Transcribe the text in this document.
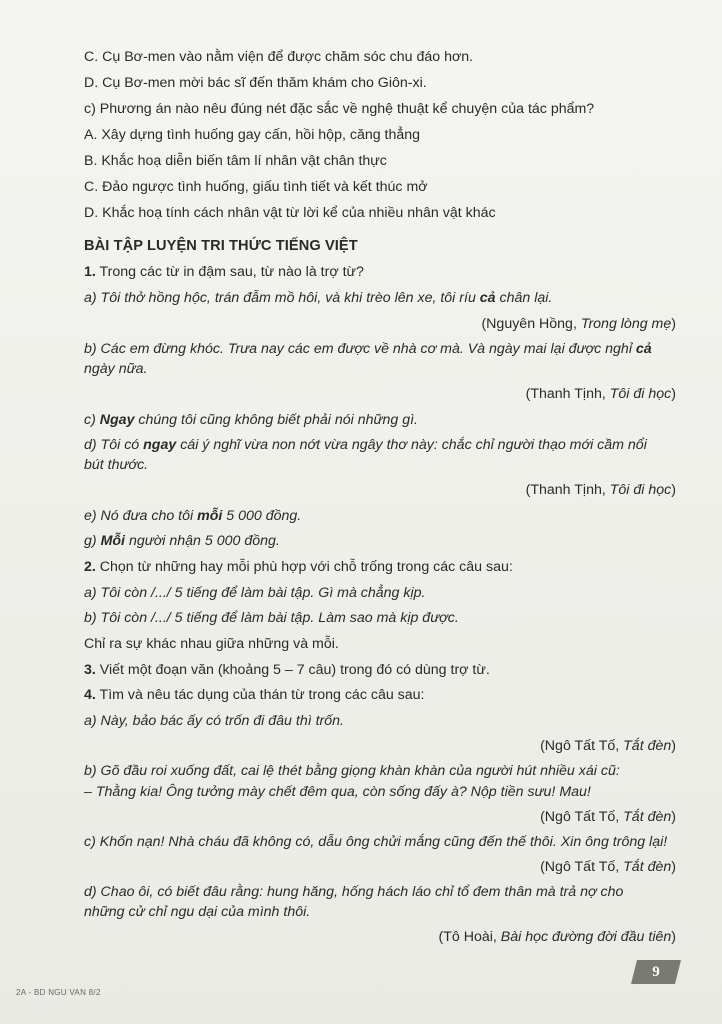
C. Cụ Bơ-men vào nằm viện để được chăm sóc chu đáo hơn.
D. Cụ Bơ-men mời bác sĩ đến thăm khám cho Giôn-xi.
c) Phương án nào nêu đúng nét đặc sắc về nghệ thuật kể chuyện của tác phẩm?
A. Xây dựng tình huống gay cấn, hồi hộp, căng thẳng
B. Khắc hoạ diễn biến tâm lí nhân vật chân thực
C. Đảo ngược tình huống, giấu tình tiết và kết thúc mở
D. Khắc hoạ tính cách nhân vật từ lời kể của nhiều nhân vật khác
BÀI TẬP LUYỆN TRI THỨC TIẾNG VIỆT
1. Trong các từ in đậm sau, từ nào là trợ từ?
a) Tôi thở hồng hộc, trán đẫm mồ hôi, và khi trèo lên xe, tôi ríu cả chân lại.
(Nguyên Hồng, Trong lòng mẹ)
b) Các em đừng khóc. Trưa nay các em được về nhà cơ mà. Và ngày mai lại được nghỉ cả
ngày nữa.
(Thanh Tịnh, Tôi đi học)
c) Ngay chúng tôi cũng không biết phải nói những gì.
d) Tôi có ngay cái ý nghĩ vừa non nớt vừa ngây thơ này: chắc chỉ người thạo mới cầm nổi
bút thước.
(Thanh Tịnh, Tôi đi học)
e) Nó đưa cho tôi mỗi 5 000 đồng.
g) Mỗi người nhận 5 000 đồng.
2. Chọn từ những hay mỗi phù hợp với chỗ trống trong các câu sau:
a) Tôi còn /.../ 5 tiếng để làm bài tập. Gì mà chẳng kịp.
b) Tôi còn /.../ 5 tiếng để làm bài tập. Làm sao mà kịp được.
Chỉ ra sự khác nhau giữa những và mỗi.
3. Viết một đoạn văn (khoảng 5 – 7 câu) trong đó có dùng trợ từ.
4. Tìm và nêu tác dụng của thán từ trong các câu sau:
a) Này, bảo bác ấy có trốn đi đâu thì trốn.
(Ngô Tất Tố, Tắt đèn)
b) Gõ đầu roi xuống đất, cai lệ thét bằng giọng khàn khàn của người hút nhiều xái cũ:
– Thằng kia! Ông tưởng mày chết đêm qua, còn sống đấy à? Nộp tiền sưu! Mau!
(Ngô Tất Tố, Tắt đèn)
c) Khốn nạn! Nhà cháu đã không có, dẫu ông chửi mắng cũng đến thế thôi. Xin ông trông lại!
(Ngô Tất Tố, Tắt đèn)
d) Chao ôi, có biết đâu rằng: hung hăng, hống hách láo chỉ tổ đem thân mà trả nợ cho
những cử chỉ ngu dại của mình thôi.
(Tô Hoài, Bài học đường đời đầu tiên)
9
2A - BD NGU VAN 8/2
